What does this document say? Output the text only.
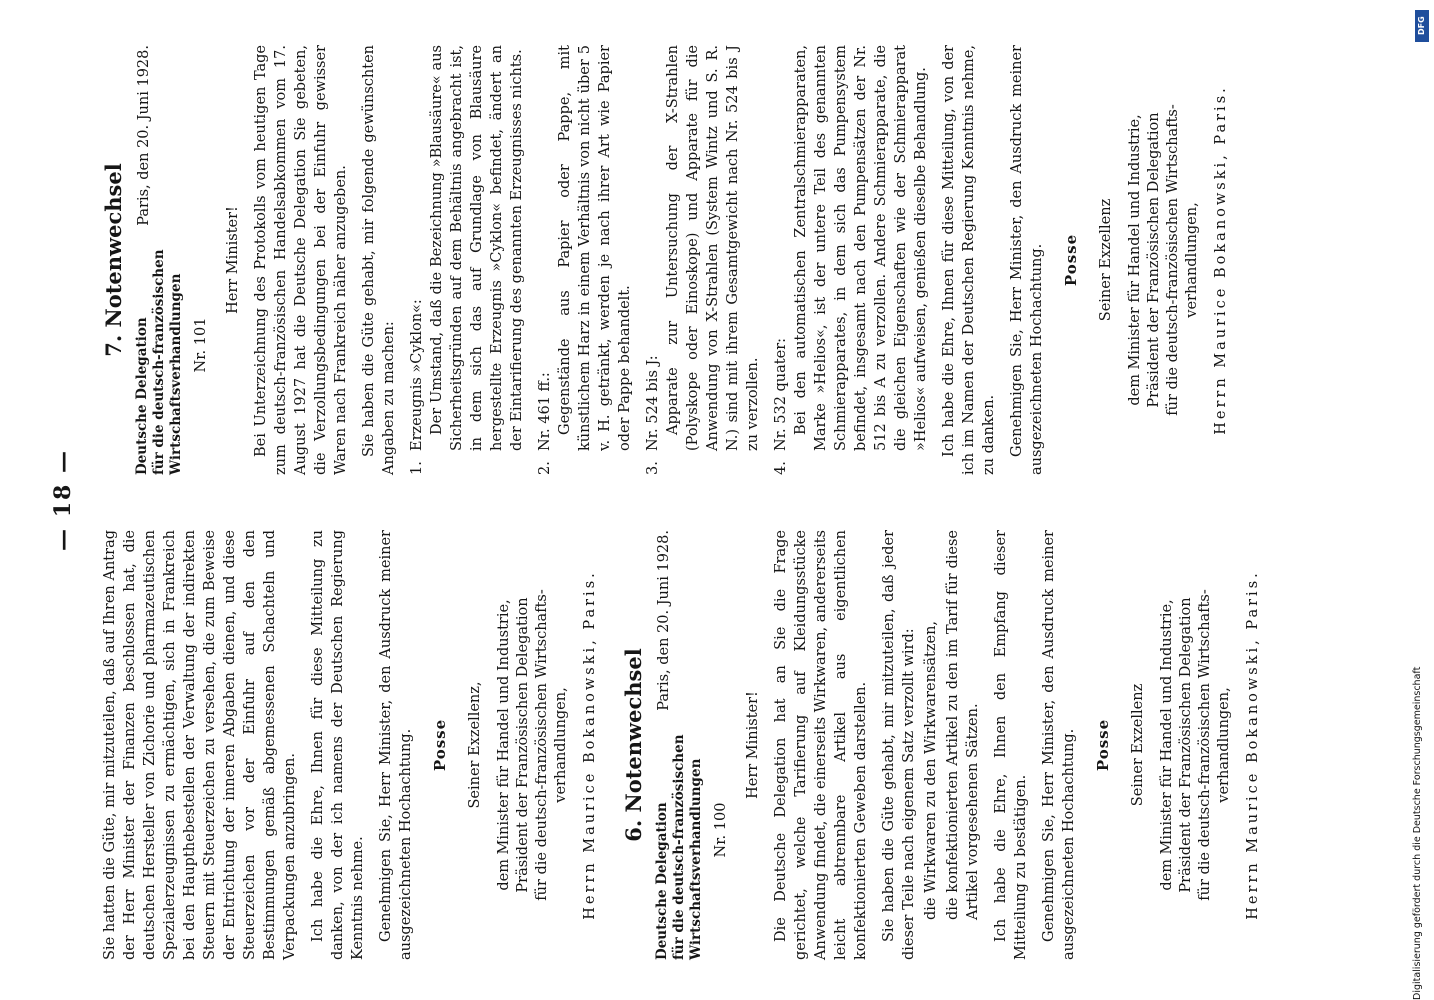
— 18 —

Sie hatten die Güte, mir mitzuteilen, daß auf Ihren Antrag der Herr Minister der Finanzen beschlossen hat, die deutschen Hersteller von Zichorie und pharmazeutischen Spezialerzeugnissen zu ermächtigen, sich in Frankreich bei den Haupthebestellen der Verwaltung der indirekten Steuern mit Steuerzeichen zu versehen, die zum Beweise der Entrichtung der inneren Abgaben dienen, und diese Steuerzeichen vor der Einfuhr auf den den Bestimmungen gemäß abgemessenen Schachteln und Verpackungen anzubringen. Ich habe die Ehre, Ihnen für diese Mitteilung zu danken, von der ich namens der Deutschen Regierung Kenntnis nehme. Genehmigen Sie, Herr Minister, den Ausdruck meiner ausgezeichneten Hochachtung. Posse Seiner Exzellenz, dem Minister für Handel und Industrie, Präsident der Französischen Delegation für die deutsch-französischen Wirtschafts- verhandlungen, Herrn Maurice Bokanowski, Paris. 6. Notenwechsel
Deutsche Delegation für die deutsch-französischen Wirtschaftsverhandlungen
Paris, den 20. Juni 1928.
Nr. 100
Herr Minister! Die Deutsche Delegation hat an Sie die Frage gerichtet, welche Tarifierung auf Kleidungsstücke Anwendung findet, die einerseits Wirkwaren, andererseits leicht abtrennbare Artikel aus eigentlichen konfektionierten Geweben darstellen. Sie haben die Güte gehabt, mir mitzuteilen, daß jeder dieser Teile nach eigenem Satz verzollt wird: die Wirkwaren zu den Wirkwarensätzen, die konfektionierten Artikel zu den im Tarif für diese Artikel vorgesehenen Sätzen. Ich habe die Ehre, Ihnen den Empfang dieser Mitteilung zu bestätigen. Genehmigen Sie, Herr Minister, den Ausdruck meiner ausgezeichneten Hochachtung. Posse Seiner Exzellenz dem Minister für Handel und Industrie, Präsident der Französischen Delegation für die deutsch-französischen Wirtschafts- verhandlungen, Herrn Maurice Bokanowski, Paris.
7. Notenwechsel
Deutsche Delegation für die deutsch-französischen Wirtschaftsverhandlungen
Paris, den 20. Juni 1928.
Nr. 101
Herr Minister! Bei Unterzeichnung des Protokolls vom heutigen Tage zum deutsch-französischen Handelsabkommen vom 17. August 1927 hat die Deutsche Delegation Sie gebeten, die Verzollungsbedingungen bei der Einfuhr gewisser Waren nach Frankreich näher anzugeben. Sie haben die Güte gehabt, mir folgende gewünschten Angaben zu machen: 1.
Erzeugnis »Cyklon«: Der Umstand, daß die Bezeichnung »Blausäure« aus Sicherheitsgründen auf dem Behältnis angebracht ist, in dem sich das auf Grundlage von Blausäure hergestellte Erzeugnis »Cyklon« befindet, ändert an der Eintarifierung des genannten Erzeugnisses nichts.
2.
Nr. 461 ff.: Gegenstände aus Papier oder Pappe, mit künstlichem Harz in einem Verhältnis von nicht über 5 v. H. getränkt, werden je nach ihrer Art wie Papier oder Pappe behandelt.
3.
Nr. 524 bis J: Apparate zur Untersuchung der X-Strahlen (Polyskope oder Einoskope) und Apparate für die Anwendung von X-Strahlen (System Wintz und S. R. N.) sind mit ihrem Gesamtgewicht nach Nr. 524 bis J zu verzollen.
4.
Nr. 532 quater: Bei den automatischen Zentralschmierapparaten, Marke »Helios«, ist der untere Teil des genannten Schmierapparates, in dem sich das Pumpensystem befindet, insgesamt nach den Pumpensätzen der Nr. 512 bis A zu verzollen. Andere Schmierapparate, die die gleichen Eigenschaften wie der Schmierapparat »Helios« aufweisen, genießen dieselbe Behandlung. Ich habe die Ehre, Ihnen für diese Mitteilung, von der ich im Namen der Deutschen Regierung Kenntnis nehme, zu danken. Genehmigen Sie, Herr Minister, den Ausdruck meiner ausgezeichneten Hochachtung. Posse Seiner Exzellenz dem Minister für Handel und Industrie, Präsident der Französischen Delegation für die deutsch-französischen Wirtschafts- verhandlungen, Herrn Maurice Bokanowski, Paris.
DFG
Digitalisierung gefördert durch die Deutsche Forschungsgemeinschaft
